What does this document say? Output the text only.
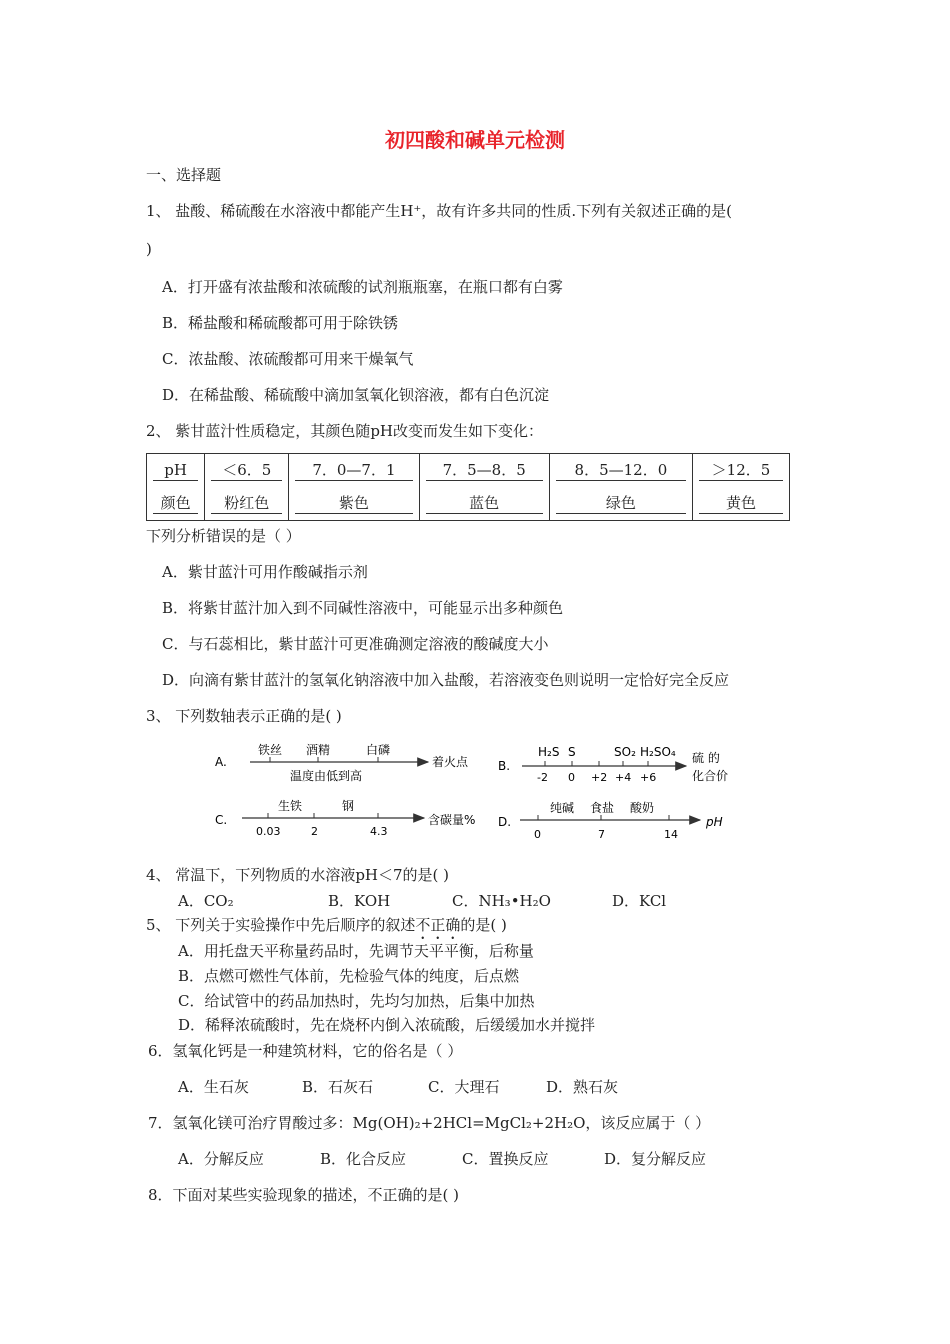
初四酸和碱单元检测
一、选择题
1、 盐酸、稀硫酸在水溶液中都能产生H⁺，故有许多共同的性质.下列有关叙述正确的是(
)
A．打开盛有浓盐酸和浓硫酸的试剂瓶瓶塞，在瓶口都有白雾
B．稀盐酸和稀硫酸都可用于除铁锈
C．浓盐酸、浓硫酸都可用来干燥氧气
D．在稀盐酸、稀硫酸中滴加氢氧化钡溶液，都有白色沉淀
2、 紫甘蓝汁性质稳定，其颜色随pH改变而发生如下变化：
pH	＜6．5	7．0—7．1	7．5—8．5	8．5—12．0	＞12．5
颜色	粉红色	紫色	蓝色	绿色	黄色
下列分析错误的是（ ）
A．紫甘蓝汁可用作酸碱指示剂
B．将紫甘蓝汁加入到不同碱性溶液中，可能显示出多种颜色
C．与石蕊相比，紫甘蓝汁可更准确测定溶液的酸碱度大小
D．向滴有紫甘蓝汁的氢氧化钠溶液中加入盐酸，若溶液变色则说明一定恰好完全反应
3、 下列数轴表示正确的是( )
A.
铁丝 酒精	白磷
着火点
温度由低到高
B.
H₂S S	SO₂ H₂SO₄
-2 0 +2 +4 +6
硫 的
化合价
C.
生铁	钢
0.03	2	4.3
含碳量% D.
纯碱 食盐 酸奶
0	7	14
pH
4、 常温下，下列物质的水溶液pH＜7的是( )
A．CO₂	B．KOH	C．NH₃•H₂O	D．KCl
5、 下列关于实验操作中先后顺序的叙述不正确的是( )
A．用托盘天平称量药品时，先调节天平平衡，后称量
B．点燃可燃性气体前，先检验气体的纯度，后点燃
C．给试管中的药品加热时，先均匀加热，后集中加热
D．稀释浓硫酸时，先在烧杯内倒入浓硫酸，后缓缓加水并搅拌
6．氢氧化钙是一种建筑材料，它的俗名是（ ）
A．生石灰	B．石灰石	C．大理石	D．熟石灰
7．氢氧化镁可治疗胃酸过多：Mg(OH)₂+2HCl=MgCl₂+2H₂O，该反应属于（ ）
A．分解反应	B．化合反应	C．置换反应	D．复分解反应
8．下面对某些实验现象的描述，不正确的是( )
